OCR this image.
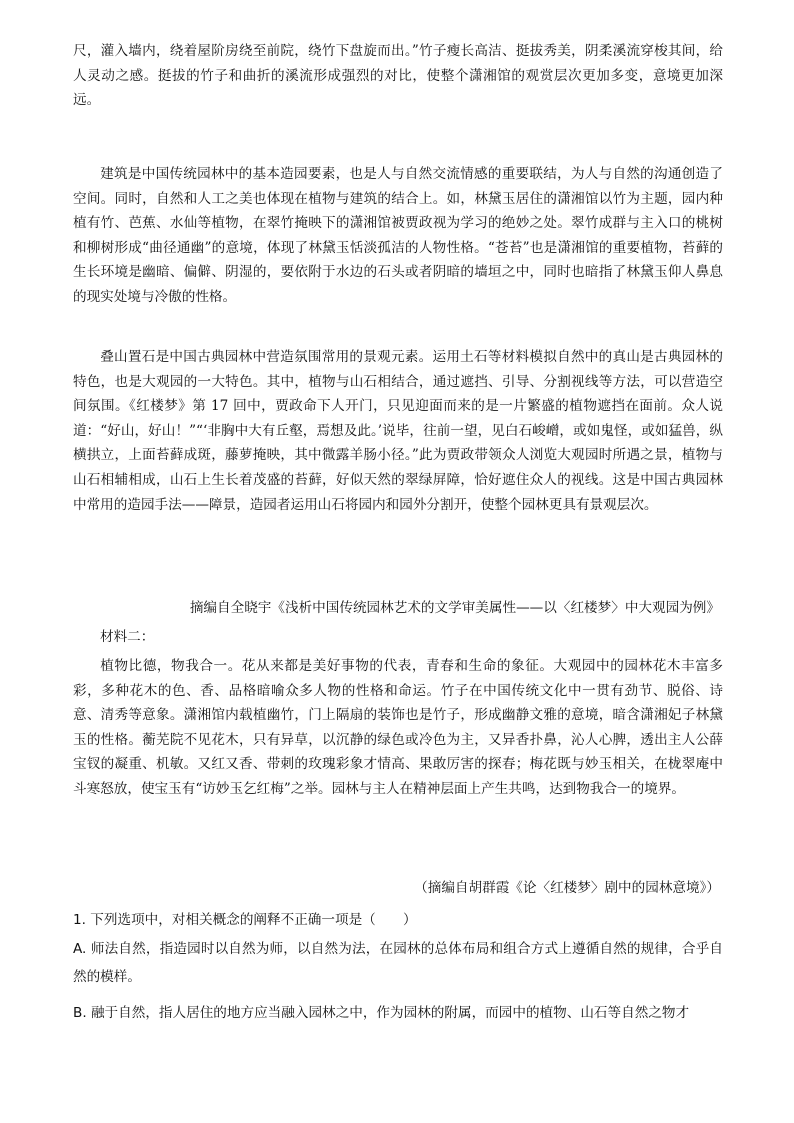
尺，灌入墙内，绕着屋阶房绕至前院，绕竹下盘旋而出。”竹子瘦长高洁、挺拔秀美，阴柔溪流穿梭其间，给人灵动之感。挺拔的竹子和曲折的溪流形成强烈的对比，使整个潇湘馆的观赏层次更加多变，意境更加深远。

建筑是中国传统园林中的基本造园要素，也是人与自然交流情感的重要联结，为人与自然的沟通创造了空间。同时，自然和人工之美也体现在植物与建筑的结合上。如，林黛玉居住的潇湘馆以竹为主题，园内种植有竹、芭蕉、水仙等植物，在翠竹掩映下的潇湘馆被贾政视为学习的绝妙之处。翠竹成群与主入口的桃树和柳树形成“曲径通幽”的意境，体现了林黛玉恬淡孤洁的人物性格。“苍苔”也是潇湘馆的重要植物，苔藓的生长环境是幽暗、偏僻、阴湿的，要依附于水边的石头或者阴暗的墙垣之中，同时也暗指了林黛玉仰人鼻息的现实处境与冷傲的性格。

叠山置石是中国古典园林中营造氛围常用的景观元素。运用土石等材料模拟自然中的真山是古典园林的特色，也是大观园的一大特色。其中，植物与山石相结合，通过遮挡、引导、分割视线等方法，可以营造空间氛围。《红楼梦》第 17 回中，贾政命下人开门，只见迎面而来的是一片繁盛的植物遮挡在面前。众人说道：“好山，好山！”“‘非胸中大有丘壑，焉想及此。’说毕，往前一望，见白石峻嶒，或如鬼怪，或如猛兽，纵横拱立，上面苔藓成斑，藤萝掩映，其中微露羊肠小径。”此为贾政带领众人浏览大观园时所遇之景，植物与山石相辅相成，山石上生长着茂盛的苔藓，好似天然的翠绿屏障，恰好遮住众人的视线。这是中国古典园林中常用的造园手法——障景，造园者运用山石将园内和园外分割开，使整个园林更具有景观层次。

摘编自全晓宇《浅析中国传统园林艺术的文学审美属性——以〈红楼梦〉中大观园为例》

材料二：

植物比德，物我合一。花从来都是美好事物的代表，青春和生命的象征。大观园中的园林花木丰富多彩，多种花木的色、香、品格暗喻众多人物的性格和命运。竹子在中国传统文化中一贯有劲节、脱俗、诗意、清秀等意象。潇湘馆内载植幽竹，门上隔扇的装饰也是竹子，形成幽静文雅的意境，暗含潇湘妃子林黛玉的性格。蘅芜院不见花木，只有异草，以沉静的绿色或冷色为主，又异香扑鼻，沁人心脾，透出主人公薛宝钗的凝重、机敏。又红又香、带刺的玫瑰彩象才情高、果敢厉害的探春；梅花既与妙玉相关，在栊翠庵中斗寒怒放，使宝玉有“访妙玉乞红梅”之举。园林与主人在精神层面上产生共鸣，达到物我合一的境界。

（摘编自胡群霞《论〈红楼梦〉剧中的园林意境》）

1. 下列选项中，对相关概念的阐释不正确一项是（　　）

A. 师法自然，指造园时以自然为师，以自然为法，在园林的总体布局和组合方式上遵循自然的规律，合乎自然的模样。

B. 融于自然，指人居住的地方应当融入园林之中，作为园林的附属，而园中的植物、山石等自然之物才
